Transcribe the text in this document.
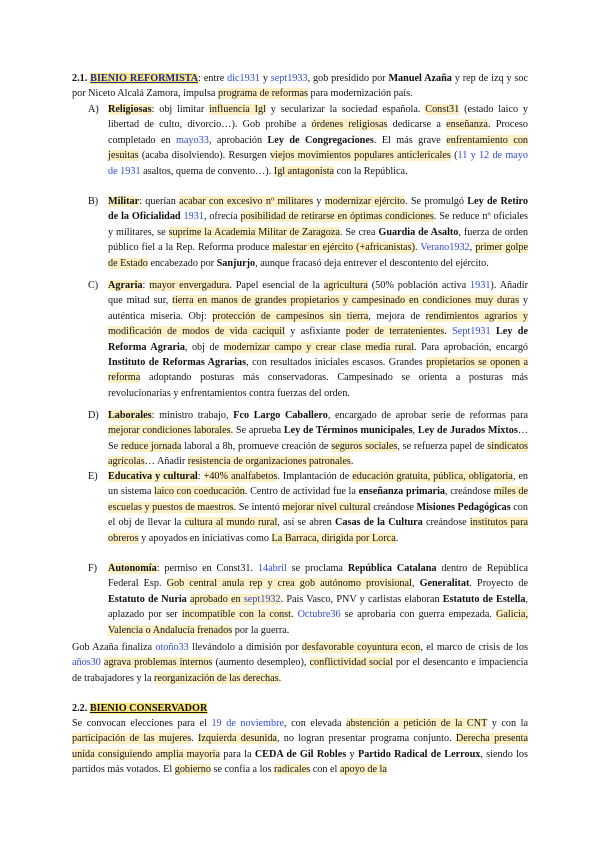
2.1. BIENIO REFORMISTA: entre dic1931 y sept1933, gob presidido por Manuel Azaña y rep de izq y soc por Niceto Alcalá Zamora, impulsa programa de reformas para modernización país.
A) Religiosas: obj limitar influencia Igl y secularizar la sociedad española. Const31 (estado laico y libertad de culto, divorcio…). Gob prohíbe a órdenes religiosas dedicarse a enseñanza. Proceso completado en mayo33, aprobación Ley de Congregaciones. El más grave enfrentamiento con jesuitas (acaba disolviendo). Resurgen viejos movimientos populares anticlericales (11 y 12 de mayo de 1931 asaltos, quema de convento…). Igl antagonista con la República.
B) Militar: querían acabar con excesivo nº militares y modernizar ejército. Se promulgó Ley de Retiro de la Oficialidad 1931, ofrecía posibilidad de retirarse en óptimas condiciones. Se reduce nº oficiales y militares, se suprime la Academia Militar de Zaragoza. Se crea Guardia de Asalto, fuerza de orden público fiel a la Rep. Reforma produce malestar en ejército (+africanistas). Verano1932, primer golpe de Estado encabezado por Sanjurjo, aunque fracasó deja entrever el descontento del ejército.
C) Agraria: mayor envergadura. Papel esencial de la agricultura (50% población activa 1931). Añadir que mitad sur, tierra en manos de grandes propietarios y campesinado en condiciones muy duras y auténtica miseria. Obj: protección de campesinos sin tierra, mejora de rendimientos agrarios y modificación de modos de vida caciquil y asfixiante poder de terratenientes. Sept1931 Ley de Reforma Agraria, obj de modernizar campo y crear clase media rural. Para aprobación, encargó Instituto de Reformas Agrarias, con resultados iniciales escasos. Grandes propietarios se oponen a reforma adoptando posturas más conservadoras. Campesinado se orienta a posturas más revolucionarias y enfrentamientos contra fuerzas del orden.
D) Laborales: ministro trabajo, Fco Largo Caballero, encargado de aprobar serie de reformas para mejorar condiciones laborales. Se aprueba Ley de Términos municipales, Ley de Jurados Mixtos… Se reduce jornada laboral a 8h, promueve creación de seguros sociales, se refuerza papel de sindicatos agrícolas… Añadir resistencia de organizaciones patronales.
E) Educativa y cultural: +40% analfabetos. Implantación de educación gratuita, pública, obligatoria, en un sistema laico con coeducación. Centro de actividad fue la enseñanza primaria, creándose miles de escuelas y puestos de maestros. Se intentó mejorar nivel cultural creándose Misiones Pedagógicas con el obj de llevar la cultura al mundo rural, así se abren Casas de la Cultura creándose institutos para obreros y apoyados en iniciativas como La Barraca, dirigida por Lorca.
F) Autonomía: permiso en Const31. 14abril se proclama República Catalana dentro de República Federal Esp. Gob central anula rep y crea gob autónomo provisional, Generalitat. Proyecto de Estatuto de Nuria aprobado en sept1932. País Vasco, PNV y carlistas elaboran Estatuto de Estella, aplazado por ser incompatible con la const. Octubre36 se aprobaría con guerra empezada. Galicia, Valencia o Andalucía frenados por la guerra.
Gob Azaña finaliza otoño33 llevándolo a dimisión por desfavorable coyuntura econ, el marco de crisis de los años30 agrava problemas internos (aumento desempleo), conflictividad social por el desencanto e impaciencia de trabajadores y la reorganización de las derechas.
2.2. BIENIO CONSERVADOR
Se convocan elecciones para el 19 de noviembre, con elevada abstención a petición de la CNT y con la participación de las mujeres. Izquierda desunida, no logran presentar programa conjunto. Derecha presenta unida consiguiendo amplia mayoría para la CEDA de Gil Robles y Partido Radical de Lerroux, siendo los partidos más votados. El gobierno se confía a los radicales con el apoyo de la
